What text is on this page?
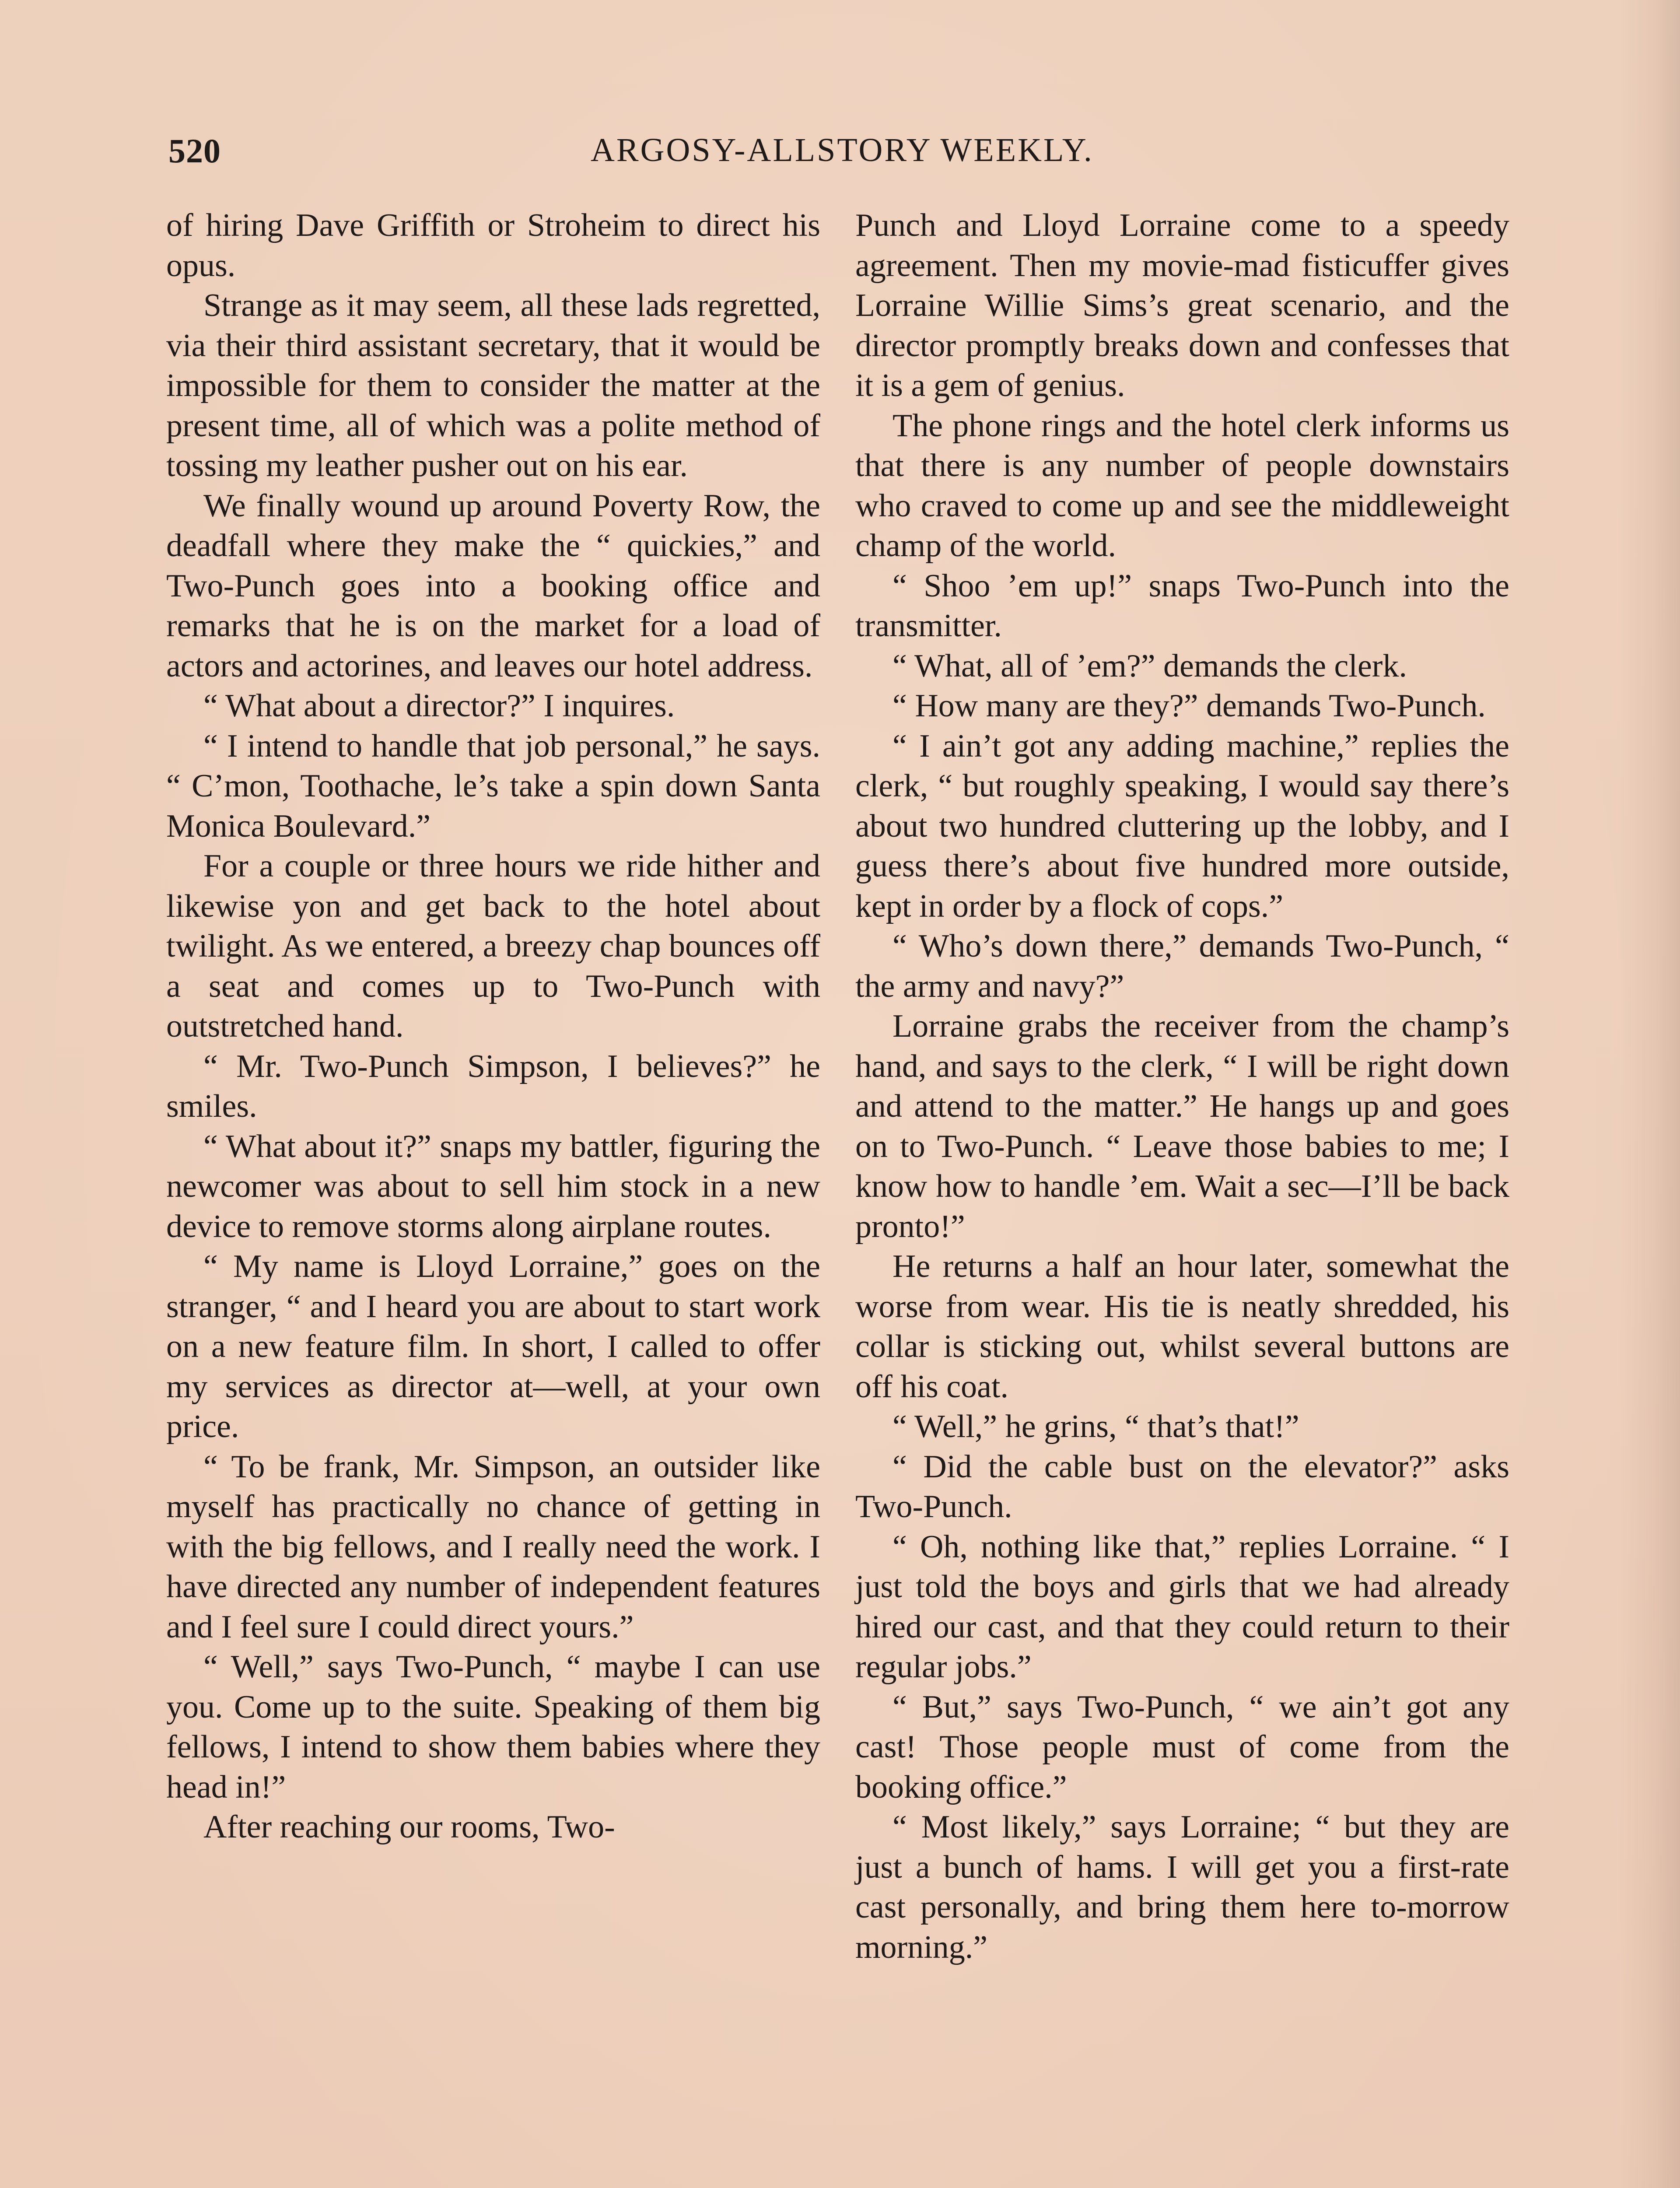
520	ARGOSY-ALLSTORY WEEKLY.

of hiring Dave Griffith or Stroheim to direct his opus.

Strange as it may seem, all these lads regretted, via their third assistant secretary, that it would be impossible for them to consider the matter at the present time, all of which was a polite method of tossing my leather pusher out on his ear.

We finally wound up around Poverty Row, the deadfall where they make the “ quickies,” and Two-Punch goes into a booking office and remarks that he is on the market for a load of actors and actorines, and leaves our hotel address.

“ What about a director?” I inquires.

“ I intend to handle that job personal,” he says. “ C’mon, Toothache, le’s take a spin down Santa Monica Boulevard.”

For a couple or three hours we ride hither and likewise yon and get back to the hotel about twilight. As we entered, a breezy chap bounces off a seat and comes up to Two-Punch with outstretched hand.

“ Mr. Two-Punch Simpson, I believes?” he smiles.

“ What about it?” snaps my battler, figuring the newcomer was about to sell him stock in a new device to remove storms along airplane routes.

“ My name is Lloyd Lorraine,” goes on the stranger, “ and I heard you are about to start work on a new feature film. In short, I called to offer my services as director at—well, at your own price.

“ To be frank, Mr. Simpson, an outsider like myself has practically no chance of getting in with the big fellows, and I really need the work. I have directed any number of independent features and I feel sure I could direct yours.”

“ Well,” says Two-Punch, “ maybe I can use you. Come up to the suite. Speaking of them big fellows, I intend to show them babies where they head in!”

After reaching our rooms, Two-

Punch and Lloyd Lorraine come to a speedy agreement. Then my movie-mad fisticuffer gives Lorraine Willie Sims’s great scenario, and the director promptly breaks down and confesses that it is a gem of genius.

The phone rings and the hotel clerk informs us that there is any number of people downstairs who craved to come up and see the middleweight champ of the world.

“ Shoo ’em up!” snaps Two-Punch into the transmitter.

“ What, all of ’em?” demands the clerk.

“ How many are they?” demands Two-Punch.

“ I ain’t got any adding machine,” replies the clerk, “ but roughly speaking, I would say there’s about two hundred cluttering up the lobby, and I guess there’s about five hundred more outside, kept in order by a flock of cops.”

“ Who’s down there,” demands Two-Punch, “ the army and navy?”

Lorraine grabs the receiver from the champ’s hand, and says to the clerk, “ I will be right down and attend to the matter.” He hangs up and goes on to Two-Punch. “ Leave those babies to me; I know how to handle ’em. Wait a sec—I’ll be back pronto!”

He returns a half an hour later, somewhat the worse from wear. His tie is neatly shredded, his collar is sticking out, whilst several buttons are off his coat.

“ Well,” he grins, “ that’s that!”

“ Did the cable bust on the elevator?” asks Two-Punch.

“ Oh, nothing like that,” replies Lorraine. “ I just told the boys and girls that we had already hired our cast, and that they could return to their regular jobs.”

“ But,” says Two-Punch, “ we ain’t got any cast! Those people must of come from the booking office.”

“ Most likely,” says Lorraine; “ but they are just a bunch of hams. I will get you a first-rate cast personally, and bring them here to-morrow morning.”
